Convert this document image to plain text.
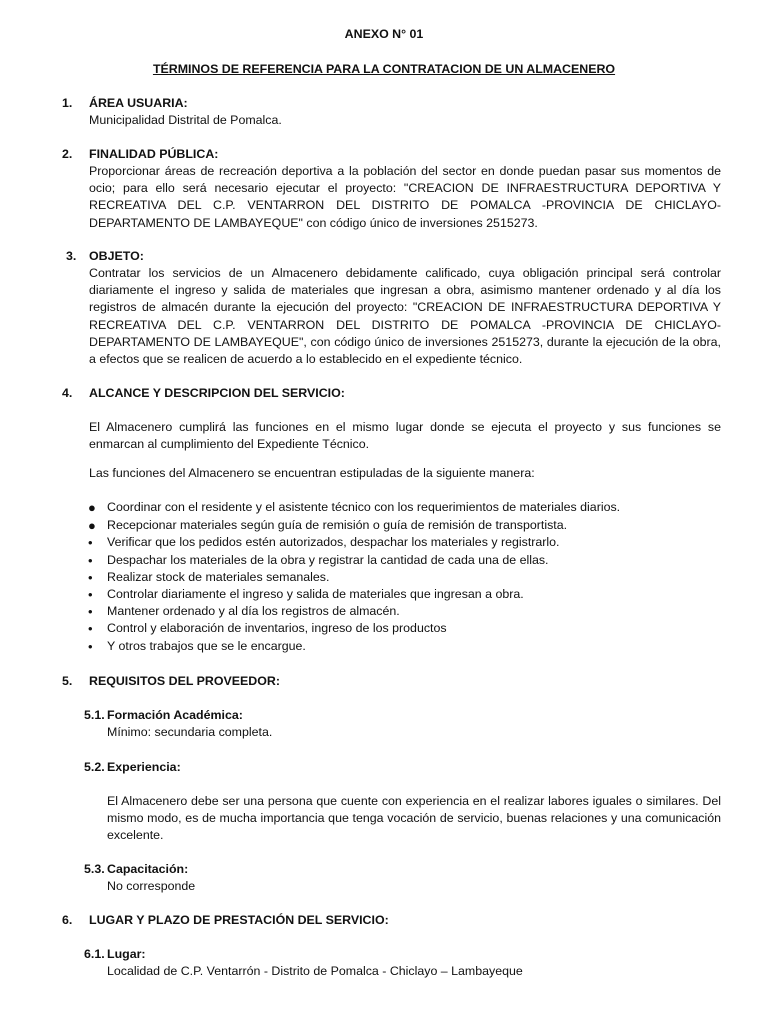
ANEXO N° 01
TÉRMINOS DE REFERENCIA PARA LA CONTRATACION DE UN ALMACENERO
1. ÁREA USUARIA:
Municipalidad Distrital de Pomalca.
2. FINALIDAD PÚBLICA:
Proporcionar áreas de recreación deportiva a la población del sector en donde puedan pasar sus momentos de ocio; para ello será necesario ejecutar el proyecto: "CREACION DE INFRAESTRUCTURA DEPORTIVA Y RECREATIVA DEL C.P. VENTARRON DEL DISTRITO DE POMALCA -PROVINCIA DE CHICLAYO-DEPARTAMENTO DE LAMBAYEQUE" con código único de inversiones 2515273.
3. OBJETO:
Contratar los servicios de un Almacenero debidamente calificado, cuya obligación principal será controlar diariamente el ingreso y salida de materiales que ingresan a obra, asimismo mantener ordenado y al día los registros de almacén durante la ejecución del proyecto: "CREACION DE INFRAESTRUCTURA DEPORTIVA Y RECREATIVA DEL C.P. VENTARRON DEL DISTRITO DE POMALCA -PROVINCIA DE CHICLAYO-DEPARTAMENTO DE LAMBAYEQUE", con código único de inversiones 2515273, durante la ejecución de la obra, a efectos que se realicen de acuerdo a lo establecido en el expediente técnico.
4. ALCANCE Y DESCRIPCION DEL SERVICIO:
El Almacenero cumplirá las funciones en el mismo lugar donde se ejecuta el proyecto y sus funciones se enmarcan al cumplimiento del Expediente Técnico.
Las funciones del Almacenero se encuentran estipuladas de la siguiente manera:
● Coordinar con el residente y el asistente técnico con los requerimientos de materiales diarios.
● Recepcionar materiales según guía de remisión o guía de remisión de transportista.
• Verificar que los pedidos estén autorizados, despachar los materiales y registrarlo.
• Despachar los materiales de la obra y registrar la cantidad de cada una de ellas.
• Realizar stock de materiales semanales.
• Controlar diariamente el ingreso y salida de materiales que ingresan a obra.
• Mantener ordenado y al día los registros de almacén.
• Control y elaboración de inventarios, ingreso de los productos
• Y otros trabajos que se le encargue.
5. REQUISITOS DEL PROVEEDOR:
5.1. Formación Académica:
Mínimo: secundaria completa.
5.2. Experiencia:
El Almacenero debe ser una persona que cuente con experiencia en el realizar labores iguales o similares. Del mismo modo, es de mucha importancia que tenga vocación de servicio, buenas relaciones y una comunicación excelente.
5.3. Capacitación:
No corresponde
6. LUGAR Y PLAZO DE PRESTACIÓN DEL SERVICIO:
6.1. Lugar:
Localidad de C.P. Ventarrón - Distrito de Pomalca - Chiclayo – Lambayeque
